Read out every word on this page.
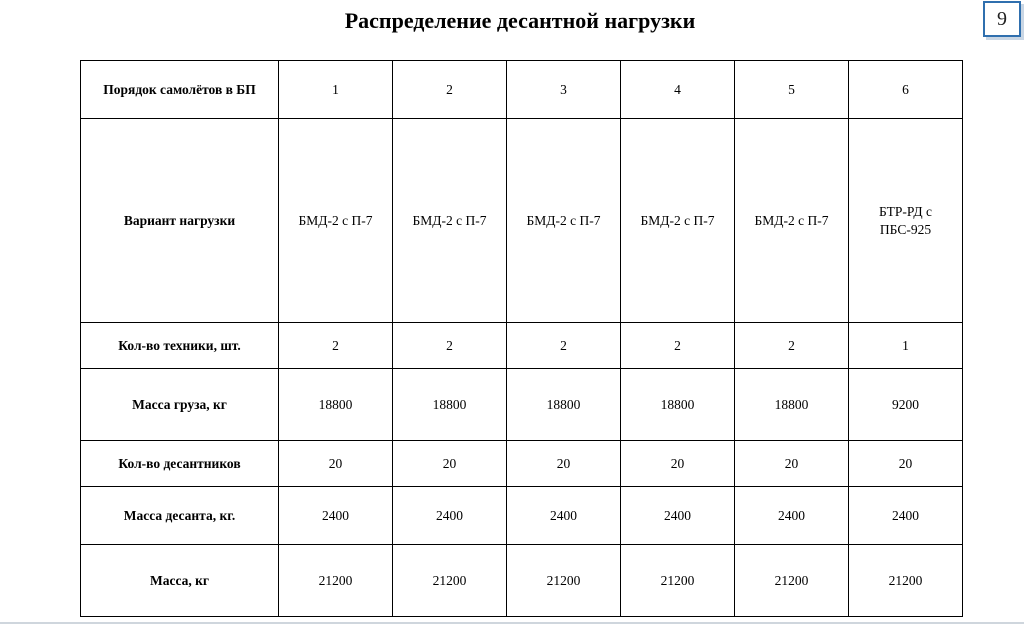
Распределение десантной нагрузки	9
Порядок самолётов в БП	1	2	3	4	5	6
Вариант нагрузки	БМД-2 с П-7	БМД-2 с П-7	БМД-2 с П-7	БМД-2 с П-7	БМД-2 с П-7	БТР-РД с ПБС-925
Кол-во техники, шт.	2	2	2	2	2	1
Масса груза, кг	18800	18800	18800	18800	18800	9200
Кол-во десантников	20	20	20	20	20	20
Масса десанта, кг.	2400	2400	2400	2400	2400	2400
Масса, кг	21200	21200	21200	21200	21200	21200
